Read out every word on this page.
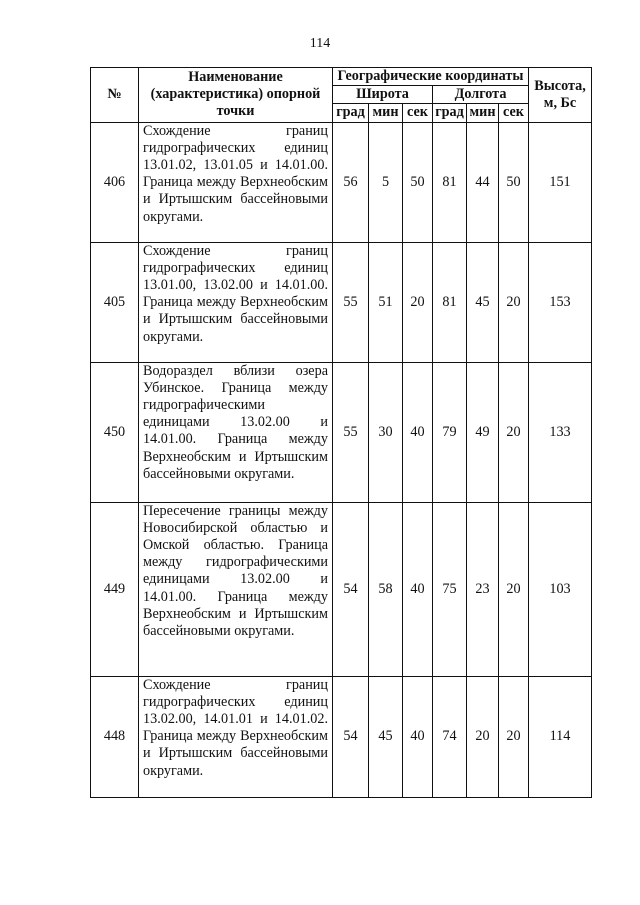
114
№	Наименование (характеристика) опорной точки	Географические координаты						Высота, м, Бс
		Широта			Долгота			
		град	мин	сек	град	мин	сек	
406	Схождение границ гидрографических единиц 13.01.02, 13.01.05 и 14.01.00. Граница между Верхнеобским и Иртышским бассейновыми округами.	56	5	50	81	44	50	151
405	Схождение границ гидрографических единиц 13.01.00, 13.02.00 и 14.01.00. Граница между Верхнеобским и Иртышским бассейновыми округами.	55	51	20	81	45	20	153
450	Водораздел вблизи озера Убинское. Граница между гидрографическими единицами 13.02.00 и 14.01.00. Граница между Верхнеобским и Иртышским бассейновыми округами.	55	30	40	79	49	20	133
449	Пересечение границы между Новосибирской областью и Омской областью. Граница между гидрографическими единицами 13.02.00 и 14.01.00. Граница между Верхнеобским и Иртышским бассейновыми округами.	54	58	40	75	23	20	103
448	Схождение границ гидрографических единиц 13.02.00, 14.01.01 и 14.01.02. Граница между Верхнеобским и Иртышским бассейновыми округами.	54	45	40	74	20	20	114
